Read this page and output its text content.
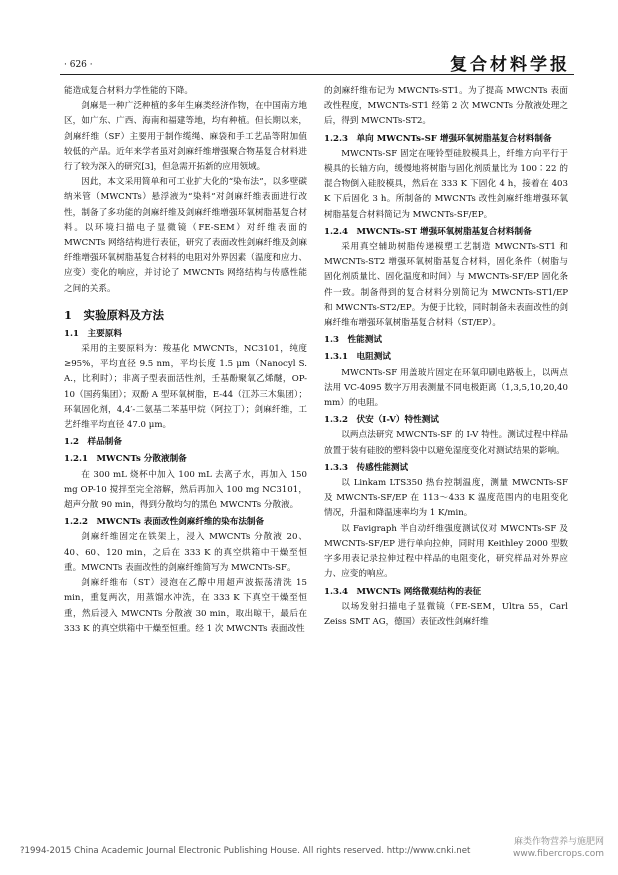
· 626 ·	复合材料学报

能造成复合材料力学性能的下降。

剑麻是一种广泛种植的多年生麻类经济作物，在中国南方地区，如广东、广西、海南和福建等地，均有种植。但长期以来，剑麻纤维（SF）主要用于制作缆绳、麻袋和手工艺品等附加值较低的产品。近年来学者虽对剑麻纤维增强聚合物基复合材料进行了较为深入的研究[3]，但急需开拓新的应用领域。

因此，本文采用简单和可工业扩大化的“染布法”，以多壁碳纳米管（MWCNTs）悬浮液为“染料”对剑麻纤维表面进行改性，制备了多功能的剑麻纤维及剑麻纤维增强环氧树脂基复合材料。以环境扫描电子显微镜（FE-SEM）对纤维表面的 MWCNTs 网络结构进行表征，研究了表面改性剑麻纤维及剑麻纤维增强环氧树脂基复合材料的电阻对外界因素（温度和应力、应变）变化的响应，并讨论了 MWCNTs 网络结构与传感性能之间的关系。

1　实验原料及方法
1.1　主要原料

采用的主要原料为：羧基化 MWCNTs，NC3101，纯度≥95%，平均直径 9.5 nm，平均长度 1.5 μm（Nanocyl S. A.，比利时）；非离子型表面活性剂，壬基酚聚氧乙烯醚，OP-10（国药集团）；双酚 A 型环氧树脂，E-44（江苏三木集团）；环氧固化剂，4,4′-二氨基二苯基甲烷（阿拉丁）；剑麻纤维，工艺纤维平均直径 47.0 μm。

1.2　样品制备
1.2.1　MWCNTs 分散液制备

在 300 mL 烧杯中加入 100 mL 去离子水，再加入 150 mg OP-10 搅拌至完全溶解，然后再加入 100 mg NC3101，超声分散 90 min，得到分散均匀的黑色 MWCNTs 分散液。

1.2.2　MWCNTs 表面改性剑麻纤维的染布法制备

剑麻纤维固定在铁架上，浸入 MWCNTs 分散液 20、40、60、120 min，之后在 333 K 的真空烘箱中干燥至恒重。MWCNTs 表面改性的剑麻纤维简写为 MWCNTs-SF。

剑麻纤维布（ST）浸泡在乙醇中用超声波振荡清洗 15 min，重复两次，用蒸馏水冲洗，在 333 K 下真空干燥至恒重，然后浸入 MWCNTs 分散液 30 min，取出晾干，最后在 333 K 的真空烘箱中干燥至恒重。经 1 次 MWCNTs 表面改性

的剑麻纤维布记为 MWCNTs-ST1。为了提高 MWCNTs 表面改性程度，MWCNTs-ST1 经第 2 次 MWCNTs 分散液处理之后，得到 MWCNTs-ST2。

1.2.3　单向 MWCNTs-SF 增强环氧树脂基复合材料制备

MWCNTs-SF 固定在哑铃型硅胶模具上，纤维方向平行于模具的长轴方向，缓慢地将树脂与固化剂质量比为 100∶22 的混合物倒入硅胶模具，然后在 333 K 下固化 4 h，接着在 403 K 下后固化 3 h。所制备的 MWCNTs 改性剑麻纤维增强环氧树脂基复合材料简记为 MWCNTs-SF/EP。

1.2.4　MWCNTs-ST 增强环氧树脂基复合材料制备

采用真空辅助树脂传递模塑工艺制造 MWCNTs-ST1 和 MWCNTs-ST2 增强环氧树脂基复合材料，固化条件（树脂与固化剂质量比、固化温度和时间）与 MWCNTs-SF/EP 固化条件一致。制备得到的复合材料分别简记为 MWCNTs-ST1/EP 和 MWCNTs-ST2/EP。为便于比较，同时制备未表面改性的剑麻纤维布增强环氧树脂基复合材料（ST/EP）。

1.3　性能测试
1.3.1　电阻测试

MWCNTs-SF 用盖玻片固定在环氧印刷电路板上，以两点法用 VC-4095 数字万用表测量不同电极距离（1,3,5,10,20,40 mm）的电阻。

1.3.2　伏安（I-V）特性测试

以两点法研究 MWCNTs-SF 的 I-V 特性。测试过程中样品放置于装有硅胶的塑料袋中以避免湿度变化对测试结果的影响。

1.3.3　传感性能测试

以 Linkam LTS350 热台控制温度，测量 MWCNTs-SF 及 MWCNTs-SF/EP 在 113～433 K 温度范围内的电阻变化情况，升温和降温速率均为 1 K/min。

以 Favigraph 半自动纤维强度测试仪对 MWCNTs-SF 及 MWCNTs-SF/EP 进行单向拉伸，同时用 Keithley 2000 型数字多用表记录拉伸过程中样品的电阻变化，研究样品对外界应力、应变的响应。

1.3.4　MWCNTs 网络微观结构的表征

以场发射扫描电子显微镜（FE-SEM，Ultra 55，Carl Zeiss SMT AG，德国）表征改性剑麻纤维

?1994-2015 China Academic Journal Electronic Publishing House. All rights reserved. http://www.cnki.net
麻类作物营养与施肥网
www.fibercrops.com
